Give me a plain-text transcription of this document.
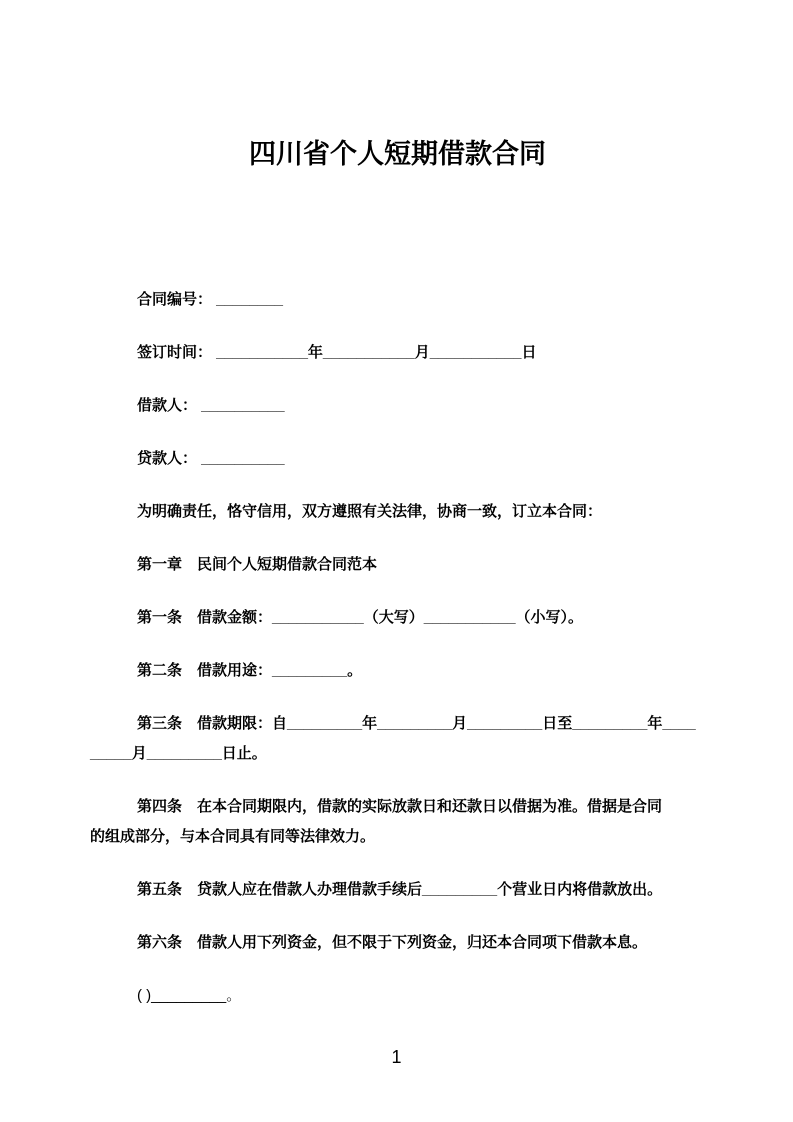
四川省个人短期借款合同
合同编号： ________
签订时间： ___________年___________月___________日
借款人： __________
贷款人： __________
为明确责任，恪守信用，双方遵照有关法律，协商一致，订立本合同：
第一章　民间个人短期借款合同范本
第一条　借款金额：___________（大写）___________（小写）。
第二条　借款用途：_________。
第三条　借款期限：自_________年_________月_________日至_________年____
_____月_________日止。
第四条　在本合同期限内，借款的实际放款日和还款日以借据为准。借据是合同
的组成部分，与本合同具有同等法律效力。
第五条　贷款人应在借款人办理借款手续后_________个营业日内将借款放出。
第六条　借款人用下列资金，但不限于下列资金，归还本合同项下借款本息。
( )_________。
1
